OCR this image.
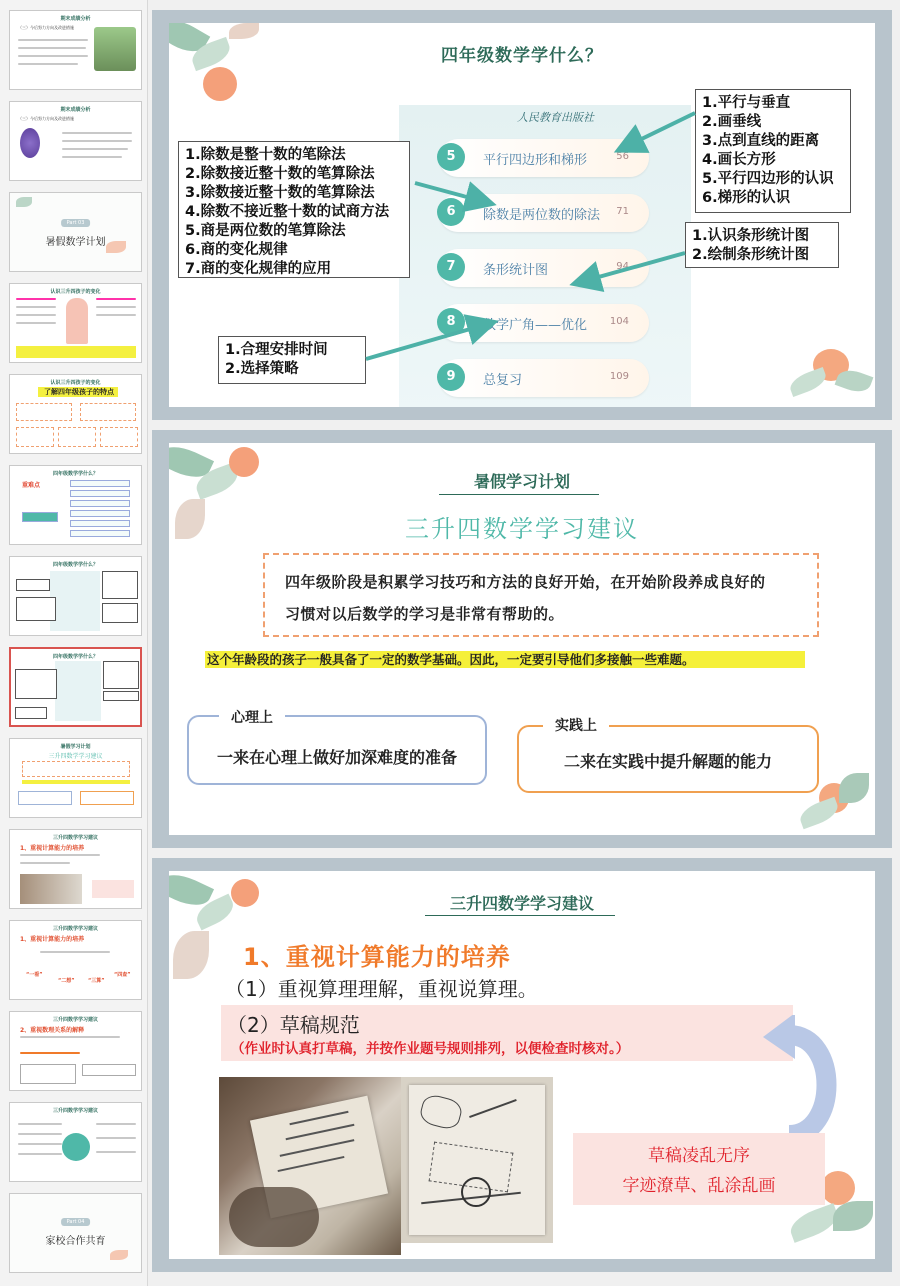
期末成绩分析
（三）今后努力方向及改进措施
期末成绩分析
（三）今后努力方向及改进措施
Part 03
暑假数学计划
认识三升四孩子的变化
认识三升四孩子的变化
了解四年级孩子的特点
四年级数学学什么？
重难点
四年级数学学什么？
四年级数学学什么？
暑假学习计划
三升四数学学习建议
三升四数学学习建议
1、重视计算能力的培养
三升四数学学习建议
1、重视计算能力的培养
“一看”
“二想”	“三算”
“四查”
三升四数学学习建议
2、重视数理关系的解释
三升四数学学习建议
Part 04
家校合作共育
四年级数学学什么？
人民教育出版社
5	平行四边形和梯形	56
6	除数是两位数的除法 71
7	条形统计图	94
8	数学广角——优化 104
9	总复习	109
1.除数是整十数的笔除法
2.除数接近整十数的笔算除法
3.除数接近整十数的笔算除法
4.除数不接近整十数的试商方法
5.商是两位数的笔算除法
6.商的变化规律
7.商的变化规律的应用
1.平行与垂直
2.画垂线
3.点到直线的距离
4.画长方形
5.平行四边形的认识
6.梯形的认识
1.认识条形统计图
2.绘制条形统计图
1.合理安排时间
2.选择策略
暑假学习计划
三升四数学学习建议
四年级阶段是积累学习技巧和方法的良好开始，在开始阶段养成良好的
习惯对以后数学的学习是非常有帮助的。
这个年龄段的孩子一般具备了一定的数学基础。因此，一定要引导他们多接触一些难题。
心理上
一来在心理上做好加深难度的准备
实践上
二来在实践中提升解题的能力
三升四数学学习建议
1、重视计算能力的培养
（1）重视算理理解，重视说算理。
（2）草稿规范
（作业时认真打草稿，并按作业题号规则排列，以便检查时核对。）
草稿凌乱无序
字迹潦草、乱涂乱画
